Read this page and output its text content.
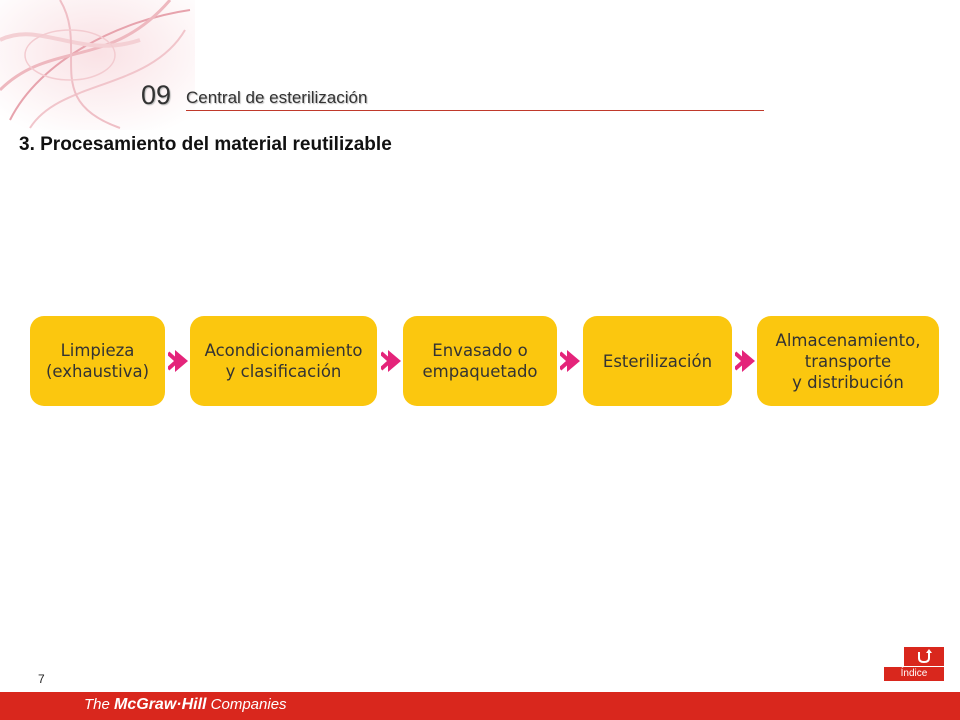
09 Central de esterilización
3. Procesamiento del material reutilizable
Limpieza
(exhaustiva)
Acondicionamiento
y clasificación
Envasado o
empaquetado
Esterilización
Almacenamiento,
transporte
y distribución
7	Índice
The McGraw·Hill Companies
